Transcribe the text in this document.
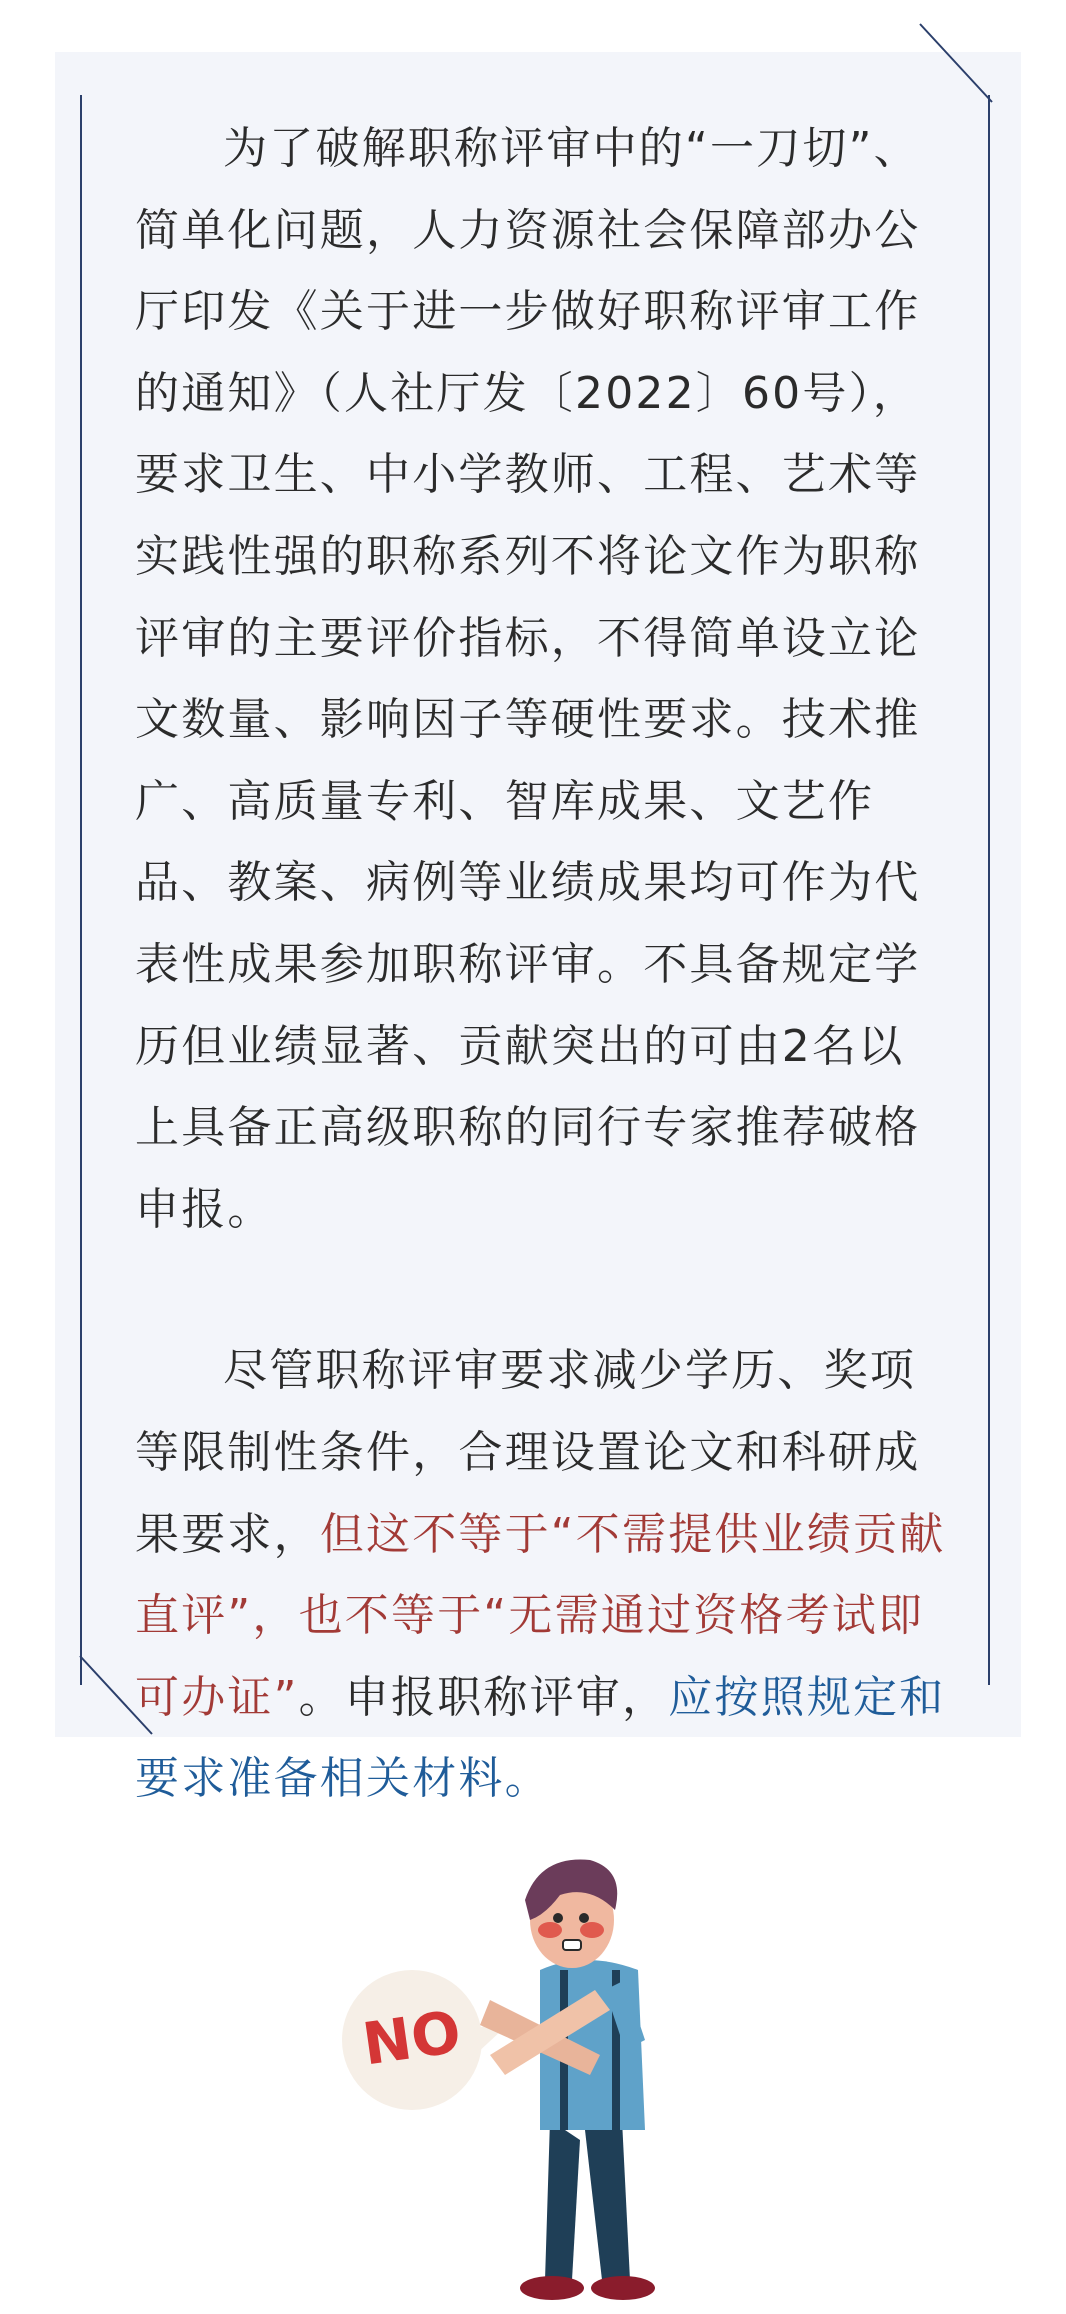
为了破解职称评审中的“一刀切”、简单化问题，人力资源社会保障部办公厅印发《关于进一步做好职称评审工作的通知》（人社厅发〔2022〕60号），要求卫生、中小学教师、工程、艺术等实践性强的职称系列不将论文作为职称评审的主要评价指标，不得简单设立论文数量、影响因子等硬性要求。技术推广、高质量专利、智库成果、文艺作品、教案、病例等业绩成果均可作为代表性成果参加职称评审。不具备规定学历但业绩显著、贡献突出的可由2名以上具备正高级职称的同行专家推荐破格申报。

尽管职称评审要求减少学历、奖项等限制性条件，合理设置论文和科研成果要求，但这不等于“不需提供业绩贡献直评”，也不等于“无需通过资格考试即可办证”。申报职称评审，应按照规定和要求准备相关材料。

NO
